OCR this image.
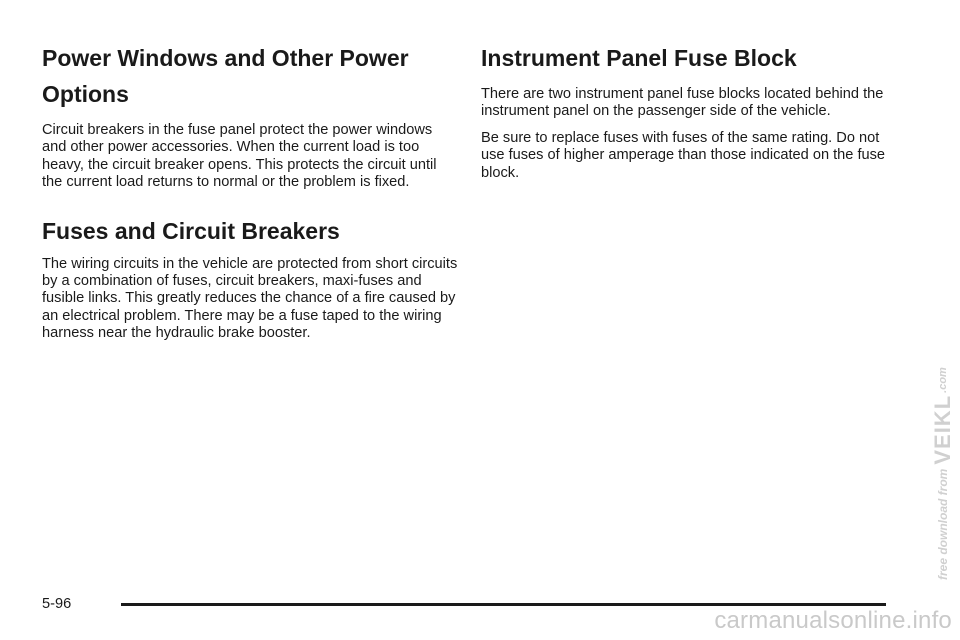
Power Windows and Other Power
Options

Circuit breakers in the fuse panel protect the power windows and other power accessories. When the current load is too heavy, the circuit breaker opens. This protects the circuit until the current load returns to normal or the problem is fixed.

Fuses and Circuit Breakers

The wiring circuits in the vehicle are protected from short circuits by a combination of fuses, circuit breakers, maxi-fuses and fusible links. This greatly reduces the chance of a fire caused by an electrical problem. There may be a fuse taped to the wiring harness near the hydraulic brake booster.

Instrument Panel Fuse Block

There are two instrument panel fuse blocks located behind the instrument panel on the passenger side of the vehicle.

Be sure to replace fuses with fuses of the same rating. Do not use fuses of higher amperage than those indicated on the fuse block.

free download from
VEIKL
.com
5-96
carmanualsonline.info
